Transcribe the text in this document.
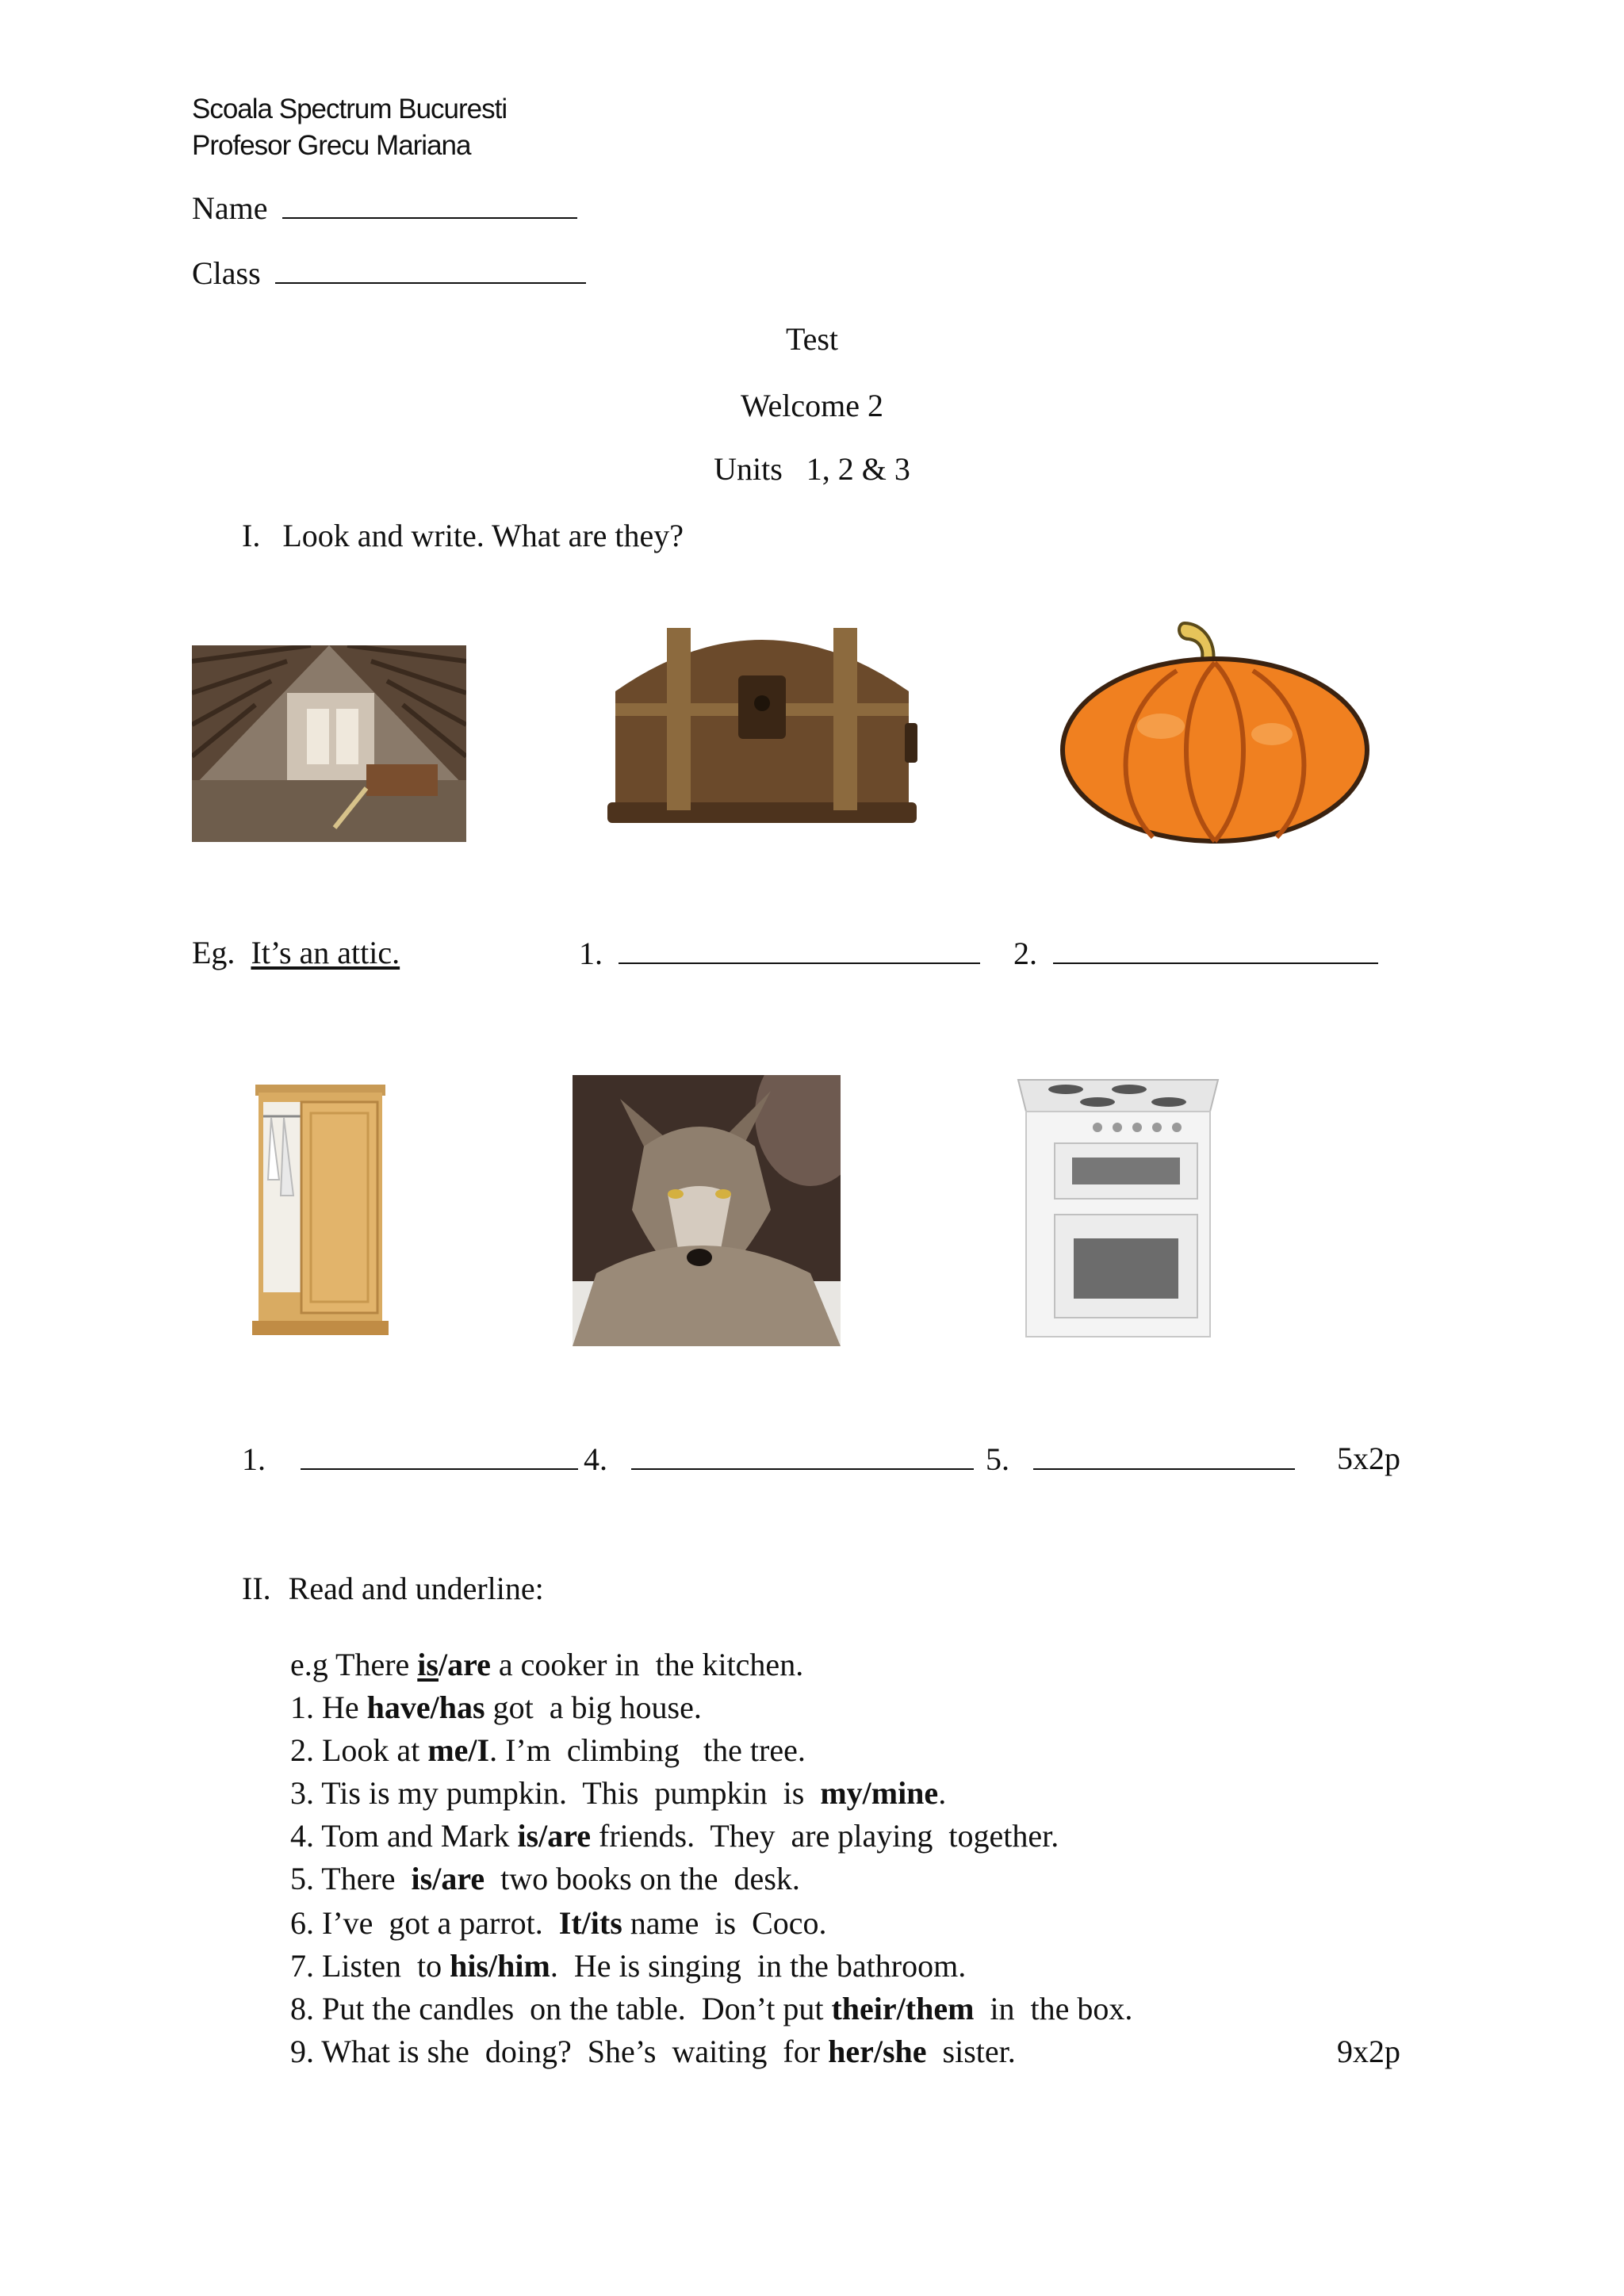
Scoala Spectrum Bucuresti
Profesor Grecu Mariana
Name
Class
Test
Welcome 2
Units   1, 2 & 3
I. Look and write. What are they?
Eg. It’s an attic.	1.	2.
1.	4.	5.	5x2p
II. Read and underline:
e.g There is/are a cooker in  the kitchen.
1. He have/has got  a big house.
2. Look at me/I. I’m  climbing   the tree.
3. Tis is my pumpkin.  This  pumpkin  is  my/mine.
4. Tom and Mark is/are friends.  They  are playing  together.
5. There  is/are  two books on the  desk.
6. I’ve  got a parrot.  It/its name  is  Coco.
7. Listen  to his/him.  He is singing  in the bathroom.
8. Put the candles  on the table.  Don’t put their/them  in  the box.
9. What is she  doing?  She’s  waiting  for her/she  sister.	9x2p
